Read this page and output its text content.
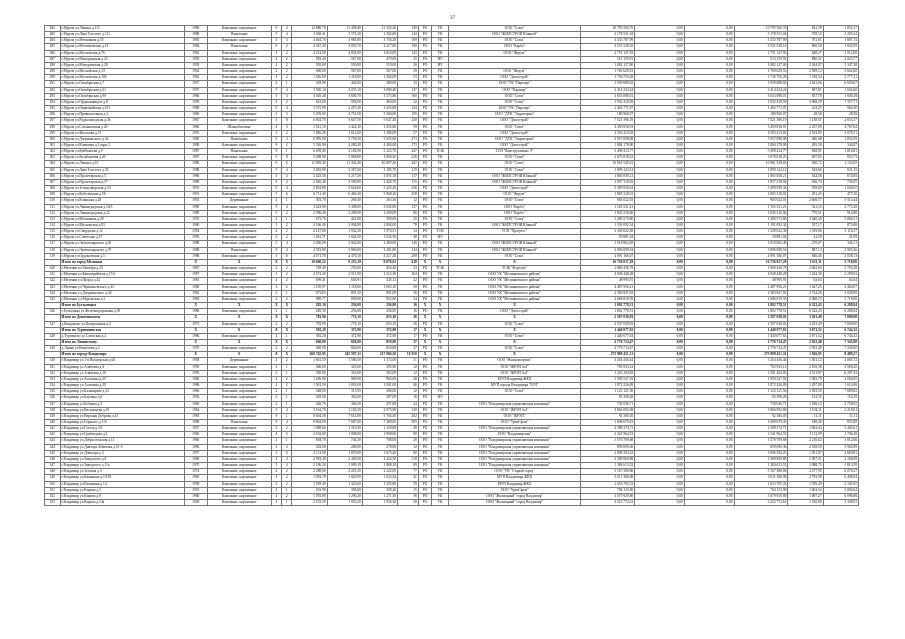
37
282	г.Муром ул.Ленина д.115	1986	Каменные, кирпичные	9	4	12 880,70	11 458,40	11 325,20	149	РО	УК	ООО "Союз"	10 795 560,76	0,00	0,00	10 795 560,76	841,39	1 851,27
283	г.Муром ул.Льва Толстого д.111	1988	Панельные	5	4	3 450,41	3 574,30	3 502,69	144	РО	УК	ООО "ЖИЛСТРОЙ Южный"	3 178 531,04	0,00	0,00	3 178 531,04	978,10	2 205,24
284	г.Муром ул.Мечникова д.55	1983	Каменные, кирпичные	5	4	4 464,70	3 985,00	3 756,20	169	РО	УК	ООО "Союз"	3 333 787,99	0,00	0,00	3 333 787,99	781,01	1 807,15
285	г.Муром ул.Меленковская д.13	1984	Панельные	9	2	4 347,30	3 050,70	2 217,00	190	РО	УК	ООО "Карбо"	3 531 528,10	0,00	0,00	3 531 528,10	800,50	1 829,59
286	г.Муром ул.Московская д.76	1962	Каменные, кирпичные	4	2	4 214,00	4 001,00	4 014,00	143	РО	УК	ООО "Форум"	2 751 147,93	0,00	0,00	2 751 147,93	648,27	1 512,00
287	г.Муром ул.Мичуринская д.25	1959	Каменные, кирпичные	2	2	583,40	567,00	479,00	25	РО	НУ		513 159,91	0,00	0,00	513 159,91	880,51	2 023,77
288	г.Муром ул.Мичуринская д.29	1958	Каменные, кирпичные	2	2	595,00	550,00	510,00	20	РО	НУ		1 082 127,00	0,00	0,00	1 082 127,00	2 044,07	5 347,38
289	г.Муром ул.Московская д.33	1962	Каменные, кирпичные	2	2	680,00	567,00	567,00	29	РО	УК	ООО "Форум"	1 760 629,53	0,00	0,00	1 760 629,53	2 589,12	5 662,60
290	г.Муром ул.Московская д.106	1962	Каменные, кирпичные	4	2	1 436,00	1 318,00	1 304,00	53	РО	УК	ООО "Домострой"	1 736 750,28	0,00	0,00	1 736 750,28	1 318,34	2 777,21
291	г.Муром ул.Октябрьская д.7	1957	Каменные, кирпичные	2	1	418,90	404,00	380,00	13	РО	УК	ООО "УК "Партнер"	1 939 688,02	0,00	0,00	1 939 688,02	3 641,66	6 659,67
292	г.Муром ул.Октябрьская д.31	1975	Каменные, кирпичные	5	4	3 500,10	3 235,10	3 080,40	147	РО	УК	ООО "Партнер"	2 414 234,24	0,00	0,00	2 414 234,24	687,81	1 602,60
293	г.Муром ул.Октябрьская д.90	1966	Каменные, кирпичные	5	4	4 305,40	3 600,70	3 573,80	160	РО	УК	ООО "Союз"	3 633 088,01	0,00	0,00	3 633 088,01	837,78	1 849,29
294	г.Муром ул.Орджоникидзе д.8	1959	Каменные, кирпичные	2	2	623,00	594,00	460,00	22	РО	УК	ООО "Союз"	1 932 418,59	0,00	0,00	1 932 418,59	3 068,29	7 357,71
295	г.Муром ул.Первомайская д.101	1988	Каменные, кирпичные	5	4	3 375,90	3 257,40	3 253,00	134	РО	УК	ООО "УК "Партнер"	1 402 771,07	0,00	0,00	1 402 771,07	413,25	964,30
296	г.Муром ул.Привокзальная д.2	1960	Каменные, кирпичные	3	3	5 295,00	4 751,00	3 560,00	195	РО	УК	ООО "ДУК "Территория"	180 960,07	0,00	0,00	180 960,07	28,58	28,58
297	г.Муром ул.Радиозаводская д.36	1967	Каменные, кирпичные	5	8	6 602,70	5 647,50	5 647,40	230	РО	УК	ООО "Домострой"	7 521 396,19	0,00	0,00	7 521 396,19	1 138,51	2 033,57
298	г.Муром ул.Стахановская д.20	1960	Шлакоблочные	4	3	1 541,10	1 422,10	1 255,00	59	РО	УК	ООО "Союз"	3 450 816,91	0,00	0,00	3 450 816,91	2 237,09	4 767,64
299	г.Муром ул.Филатова д.15	1955	Каменные, кирпичные	3	2	1 846,20	1 612,60	1 386,00	57	РО	УК	ООО "Домострой"	4 503 413,02	0,00	0,00	4 503 413,02	2 552,05	3 078,51
300	г.Муром ул.Дзержинского д.34	1985	Панельные	9	3	6 995,00	5 758,30	5 635,60	273	РО	УК	ООО "ДУК "Территория"	5 957 098,08	0,00	0,00	5 957 098,08	840,08	1 854,59
301	г.Муром ул.Кленовая д.3 корп.2	1990	Каменные, кирпичные	9	2	5 326,90	4 280,20	4 484,00	173	РО	УК	ООО "Домострой"	1 884 178,00	0,00	0,00	1 884 178,00	285,58	344,87
302	г.Муром ул.Куйбышева д.9	1987	Панельные	9	1	6 659,40	3 182,90	3 323,70	247	РО	ТСЖ	ТСН "Конструктивно, 9"	5 498 414,77	0,00	0,00	5 498 414,77	828,91	1 816,81
303	г.Муром ул.Кузьбышева д.20	1987	Каменные, кирпичные	5	8	5 288,90	5 068,80	4 904,30	226	РО	УК	ООО "Союз"	3 670 018,23	0,00	0,00	3 670 018,23	697,95	853,73
304	г.Муром ул.Ленина д.55	1986	Каменные, кирпичные	9	6	11 905,40	11 434,40	10 807,20	447	РО	УК	ООО "Союз"	10 961 549,01	0,00	0,00	10 961 549,01	920,72	1 133,05
305	г.Муром ул.Льва Толстого д.35	1988	Каменные, кирпичные	5	4	3 492,90	3 357,60	3 185,70	119	РО	УК	ООО "Союз"	1 899 122,12	0,00	0,00	1 899 122,12	543,66	631,15
306	г.Муром ул.Пролетарская д.5	1986	Каменные, кирпичные	5	4	3 425,50	3 217,30	3 055,10	137	РО	УК	ООО "ЖИЛСТРОЙ Южный"	1 865 058,21	0,00	0,00	1 865 058,21	542,56	674,85
307	г.Муром ул.Пролетарская д.57	1988	Каменные, кирпичные	5	4	2 826,40	2 590,90	2 420,70	115	РО	УК	ООО "ЖИЛСТРОЙ Южный"	1 857 318,92	0,00	0,00	1 857 318,92	656,74	736,95
308	г.Муром ул.Зеленодворская д.53	1991	Каменные, кирпичные	5	4	5 852,80	5 624,00	5 425,20	236	РО	УК	ООО "Домострой"	5 499 939,34	0,00	0,00	5 499 939,34	939,69	1 026,65
309	г.Муром ул.Кобелёвская д.56	1991	Каменные, кирпичные	5	6	6 711,40	6 466,30	5 968,20	258	РО	УК	ООО "Форум"	1 865 318,01	0,00	0,00	1 865 318,01	291,45	477,20
310	г.Муром ул.Клинская д.28	1955	Деревянные	2	1	303,70	269,40	263,30	12	РО	УК	ООО "Союз"	903 022,03	0,00	0,00	903 022,03	2 608,57	5 514,44
311	г.Муром ул.Ленинградская д.34/3	1989	Каменные, кирпичные	5	4	3 623,90	3 308,00	3 045,00	137	РО	УК	ООО "Карбо"	1 165 521,21	0,00	0,00	1 165 521,21	321,10	2 773,20
312	г.Муром ул.Ленинградская д.22	1989	Каменные, кирпичные	5	2	2 396,40	2 299,00	2 200,00	86	РО	УК	ООО "Карбо"	1 845 216,06	0,00	0,00	1 845 216,06	770,51	914,80
313	г.Муром ул.Мечникова д.28	1955	Каменные, кирпичные	2	1	473,70	422,00	390,00	25	РО	УК	ООО "Союз"	1 280 573,80	0,00	0,00	1 280 573,80	3 040,36	5 866,51
314	г.Муром ул.Московская д.83	1960	Каменные, кирпичные	5	2	2 166,40	2 004,80	2 004,00	78	РО	УК	ООО "ЖИЛСТРОЙ Южный"	1 191 092,34	0,00	0,00	1 191 092,34	557,17	873,06
315	г.Муром ул.Свердлова д.12	1954	Каменные, кирпичные	2	2	2 147,00	1 932,20	1 974,31	34	РО	ТСН	ТСН "Прогресс"	3 349 022,38	0,00	0,00	3 349 022,38	1 559,86	3 116,57
316	г.Муром ул.Советская д.47	1959	Каменные, кирпичные	2	2	1 461,71	1 024,50	1 024,50	48	РО	НУ		59 881,04	0,00	0,00	59 881,04	41,09	41,09
317	г.Муром ул.Экземплярского д.45	1988	Каменные, кирпичные	5	4	3 496,00	3 944,00	3 480,00	140	РО	УК	ООО "ЖИЛСТРОЙ Южный"	1 018 862,49	0,00	0,00	1 018 862,49	270,07	346,11
318	г.Муром ул.Экземплярского д.70	1988	Панельные	9	4	4 391,80	3 960,00	3 401,80	144	РО	УК	ООО "ЖИЛСТРОЙ Южный"	3 896 099,54	0,00	0,00	3 896 099,54	887,13	2 983,26
319	г.Муром ул.Ордоновская д.5	1988	Каменные, кирпичные	5	6	4 671,70	4 476,30	4 217,20	208	РО	УК	ООО "Союз"	4 091 166,07	0,00	0,00	4 091 166,07	846,46	2 038,13
	Итого по город Мелинки	X	X	X	X	10 660,22	9 253,29	9 076,61	418	X	X	X	16 756 037,29	0,00	0,00	16 756 037,29	1 611,11	5 718,06
320	г.Меленки пл.Октября д.25	1987	Каменные, кирпичные	2	2	749,40	703,60	454,40	33	РО	ТСЖ	ТСЖ "Фортуна"	1 860 436,78	0,00	0,00	1 860 436,78	2 482,60	5 703,28
321	г.Меленки ул.Кавалерийская д.15А	1987	Каменные, кирпичные	3	2	2 674,30	2 511,00	2 213,30	104	РО	УК	ООО УК "Мелинковского района"	4 948 448,28	0,00	0,00	4 948 448,28	1 424,30	2 299,03
322	г.Меленки ул.Щорса д.42	1981	Каменные, кирпичные	2	2	699,41	636,91	545,11	22	РО	УК	ООО УК "Мелинковского района"	48 995,91	0,00	0,00	48 995,91	63,64	63,64
323	г.Меленки ул.Чернышевского д.43	1968	Каменные, кирпичные	3	2	1 195,97	1 118,60	1 063,10	50	РО	УК	ООО УК "Мелинковского района"	4 487 956,21	0,00	0,00	4 487 956,21	1 627,25	2 464,07
324	г.Меленки ул.Дзержинского д.44	1962	Каменные, кирпичные	2	1	973,65	891,50	901,00	36	РО	УК	ООО УК "Мелинковского района"	2 383 847,02	0,00	0,00	2 383 847,02	2 724,26	3 028,90
325	г.Меленки ул.Муромская д.3	1983	Каменные, кирпичные	2	2	989,77	859,90	852,60	34	РО	УК	ООО УК "Мелинковского района"	2 686 819,59	0,00	0,00	2 686 819,59	2 068,53	5 718,06
	Итого по Бутылицам	X	X	X	X	285,30	256,00	256,00	16	X	X	X	1 802 778,51	0,00	0,00	1 802 778,51	6 322,43	6 288,84
326	с.Бутылицы ул.Железнодорожная д.59	1986	Каменные, кирпичные	2	1	285,30	256,00	256,00	16	РО	УК	ООО "Домострой"	1 802 778,51	0,00	0,00	1 802 778,51	6 322,43	6 288,84
	Итого по Денятинскому	X	X	X	X	783,90	774,10	653,10	36	X	X	X	2 507 038,03	0,00	0,00	2 507 038,03	3 201,49	7 000,00
327	д.Кондаково ул.Центральная д.2	1973	Каменные, кирпичные	2	2	783,90	774,10	653,10	36	РО	УК	ООО "Союз"	2 507 038,03	0,00	0,00	2 507 038,03	3 201,49	7 000,00
	Итого по Турпениевское	X	X	X	X	392,20	372,90	372,90	17	X	X	X	1 440 077,63	0,00	0,00	1 440 077,63	3 671,52	6 744,32
328	д.Турпеново ул.Союзская д.2	1986	Каменные, кирпичные	2	1	392,20	372,90	372,90	17	РО	УК	ООО "Союз"	1 440 077,63	0,00	0,00	1 440 077,63	3 671,52	6 744,32
	Итого по Липовскому	X	X	X	X	940,00	820,00	810,00	37	X	X	X	2 776 714,47	0,00	0,00	2 776 714,47	2 952,48	7 345,00
329	д.Липна ул.Кошелева д.2	1970	Каменные, кирпичные	2	2	940,00	820,00	810,00	37	РО	УК	ООО "Союз"	2 776 714,47	0,00	0,00	2 776 714,47	2 952,48	7 345,00
	Итого по городу Владимиру	X	X	X	X	260 745,95	245 597,31	217 084,50	10 350	X	X	X	275 909 451,31	0,00	0,00	275 909 451,31	1 026,05	9 489,27
330	г.Владимир ул.1-я Пионерская д.63	1958	Деревянные	2	2	1 601,50	1 586,50	1 374,00	51	РО	УК	ООО "Жилкомсервис"	3 354 436,44	0,00	0,00	3 354 436,44	1 301,12	2 085,72
331	г.Владимир ул.Алябьева д.4	1959	Каменные, кирпичные	2	1	366,00	323,60	295,90	12	РО	УК	ООО "ЖРЭП №4"	765 933,12	0,00	0,00	765 933,12	2 105,38	4 968,20
332	г.Владимир ул.Алябьева д.10	1959	Каменные, кирпичные	2	1	330,00	316,00	303,00	12	РО	УК	ООО "ЖРЭП №4"	1 201 204,83	0,00	0,00	1 201 204,83	2 511,87	6 297,43
333	г.Владимир ул.Асаткина д.25	1986	Каменные, кирпичные	2	2	1 206,90	969,00	965,00	40	РО	УК	МУП Владимир ЖКХ	1 950 527,92	0,00	0,00	1 950 527,92	1 583,79	2 004,85
334	г.Владимир ул.Асаткина д.29	1986	Каменные, кирпичные	2	2	1 301,50	1 001,00	1 001,00	46	РО	УК	МУП города Владимира "ЕЗЧ"	1 872 226,09	0,00	0,00	1 872 226,09	1 297,08	1 614,96
335	г.Владимир ул.Балакирева д.22	1966	Каменные, кирпичные	2	1	348,00	313,95	306,00	12	РО	УК	ООО "Союз"	1 123 121,56	0,00	0,00	1 123 121,56	3 583,50	7 889,82
336	г.Владимир ул.Баумана д.6	1956	Каменные, кирпичные	2	1	429,00	392,00	387,00	16	РО	НУ		65 398,28	0,00	0,00	65 398,28	152,35	152,35
337	г.Владимир ул.Бобкова д.3	1960	Каменные, кирпичные	2	1	446,70	360,20	271,00	24	РО	УК	ООО "Владимирская управляющая компания"	730 036,71	0,00	0,00	730 036,71	1 636,12	2 758,92
338	г.Владимир ул.Васильцева д.10	1964	Каменные, кирпичные	5	4	3 164,70	3 103,50	2 973,90	130	РО	УК	ООО "ЖРЭП №4"	3 866 092,68	0,00	0,00	3 866 092,68	1 194,11	2 218,01
339	г.Владимир ул.Верхняя Дуброва д.43	1985	Каменные, кирпичные	9	1	8 604,30	7 614,80	5 764,40	202	РО	УК	ООО "ЖРЭП"	92 306,05	0,00	0,00	92 306,05	11,11	11,11
340	г.Владимир ул.Горького д.115	1988	Панельные	9	4	8 804,00	7 687,00	7 409,00	305	РО	УК	ООО "УренСфам"	1 698 679,43	0,00	0,00	1 698 679,43	188,40	855,08
341	г.Владимир ул.Гоголя д.3/1	1957	Каменные, кирпичные	3	2	1 488,60	1 319,30	1 118,00	49	РО	УК	ООО "Владимирская управляющая компания"	2 388 374,71	0,00	0,00	2 388 374,71	1 604,44	5 405,61
342	г.Владимир ул.Грибоедова д.3	1960	Каменные, кирпичные	4	3	2 102,00	1 908,00	1 808,00	90	РО	УК	ООО "Владимирская"	2 341 964,53	0,00	0,00	2 341 964,53	1 113,99	1 706,48
343	г.Владимир ул.Добросельская д.11	1960	Каменные, кирпичные	2	1	818,70	746,30	708,00	29	РО	УК	ООО "Владимирская управляющая компания"	1 570 709,68	0,00	0,00	1 570 709,68	2 216,62	3 812,66
344	г.Владимир ул.Диктора Левитана д.51-б	1986	Каменные, кирпичные	2	2	302,00	280,00	278,00	12	РО	УК	ООО "Владимирская управляющая компания"	859 690,36	0,00	0,00	859 690,36	2 918,59	5 902,89
345	г.Владимир ул.Доватора д.3	1957	Каменные, кирпичные	3	3	2 113,00	1 870,00	1 673,40	80	РО	УК	ООО "Владимирская управляющая компания"	3 096 394,23	0,00	0,00	3 096 394,23	1 501,07	2 669,81
346	г.Владимир ул.Завадского д.9	1960	Каменные, кирпичные	4	4	2 593,40	2 449,50	2 424,50	118	РО	УК	ООО "Владимирская управляющая компания"	3 389 869,88	0,00	0,00	3 389 869,88	1 097,51	2 168,89
347	г.Владимир ул.Завадского д.11а	1970	Каменные, кирпичные	5	4	2 186,30	1 909,19	1 888,10	89	РО	УК	ООО "Владимирская управляющая компания"	1 384 613,52	0,00	0,00	1 384 613,52	1 088,75	1 813,59
348	г.Владимир ул.Зеленая д.3	1974	Каменные, кирпичные	2	2	2 288,60	2 225,50	2 222,00	77	РО	УК	ООО "УК "Старый город"	5 167 380,86	0,00	0,00	5 167 380,86	2 277,95	6 078,27
349	г.Владимир ул.Каманина д.10/18	1960	Каменные, кирпичные	4	2	1 093,70	1 020,90	1 023,34	41	РО	УК	МУП Владимира ЖКХ	3 011 380,08	0,00	0,00	3 011 380,08	2 793,98	6 498,04
350	г.Владимир ул.Каманина д.14	1958	Каменные, кирпичные	3	2	1 559,40	1 325,60	1 355,80	55	РО	УК	МУП Владимир ЖКХ	1 653 705,33	0,00	0,00	1 653 705,33	1 076,49	2 101,05
351	г.Владимир ул.Кирова д.3	1953	Каменные, кирпичные	2	1	433,90	396,00	358,20	15	РО	УК	ООО "УренСфам"	784 133,90	0,00	0,00	784 133,90	1 604,52	3 002,64
352	г.Владимир ул.Кирова д.9	1960	Каменные, кирпичные	4	2	1 593,80	1 290,20	1 271,50	56	РО	УК	ООО "Жилищный" город Владимир"	3 079 929,80	0,00	0,00	3 079 929,80	1 807,27	6 096,88
353	г.Владимир ул.Кирова д.14а	1958	Каменные, кирпичные	2	1	2 103,20	1 953,20	1 956,30	30	РО	УК	ООО "Жилищный" город Владимир"	3 223 772,61	0,00	0,00	3 223 772,61	1 536,80	2 308,03
